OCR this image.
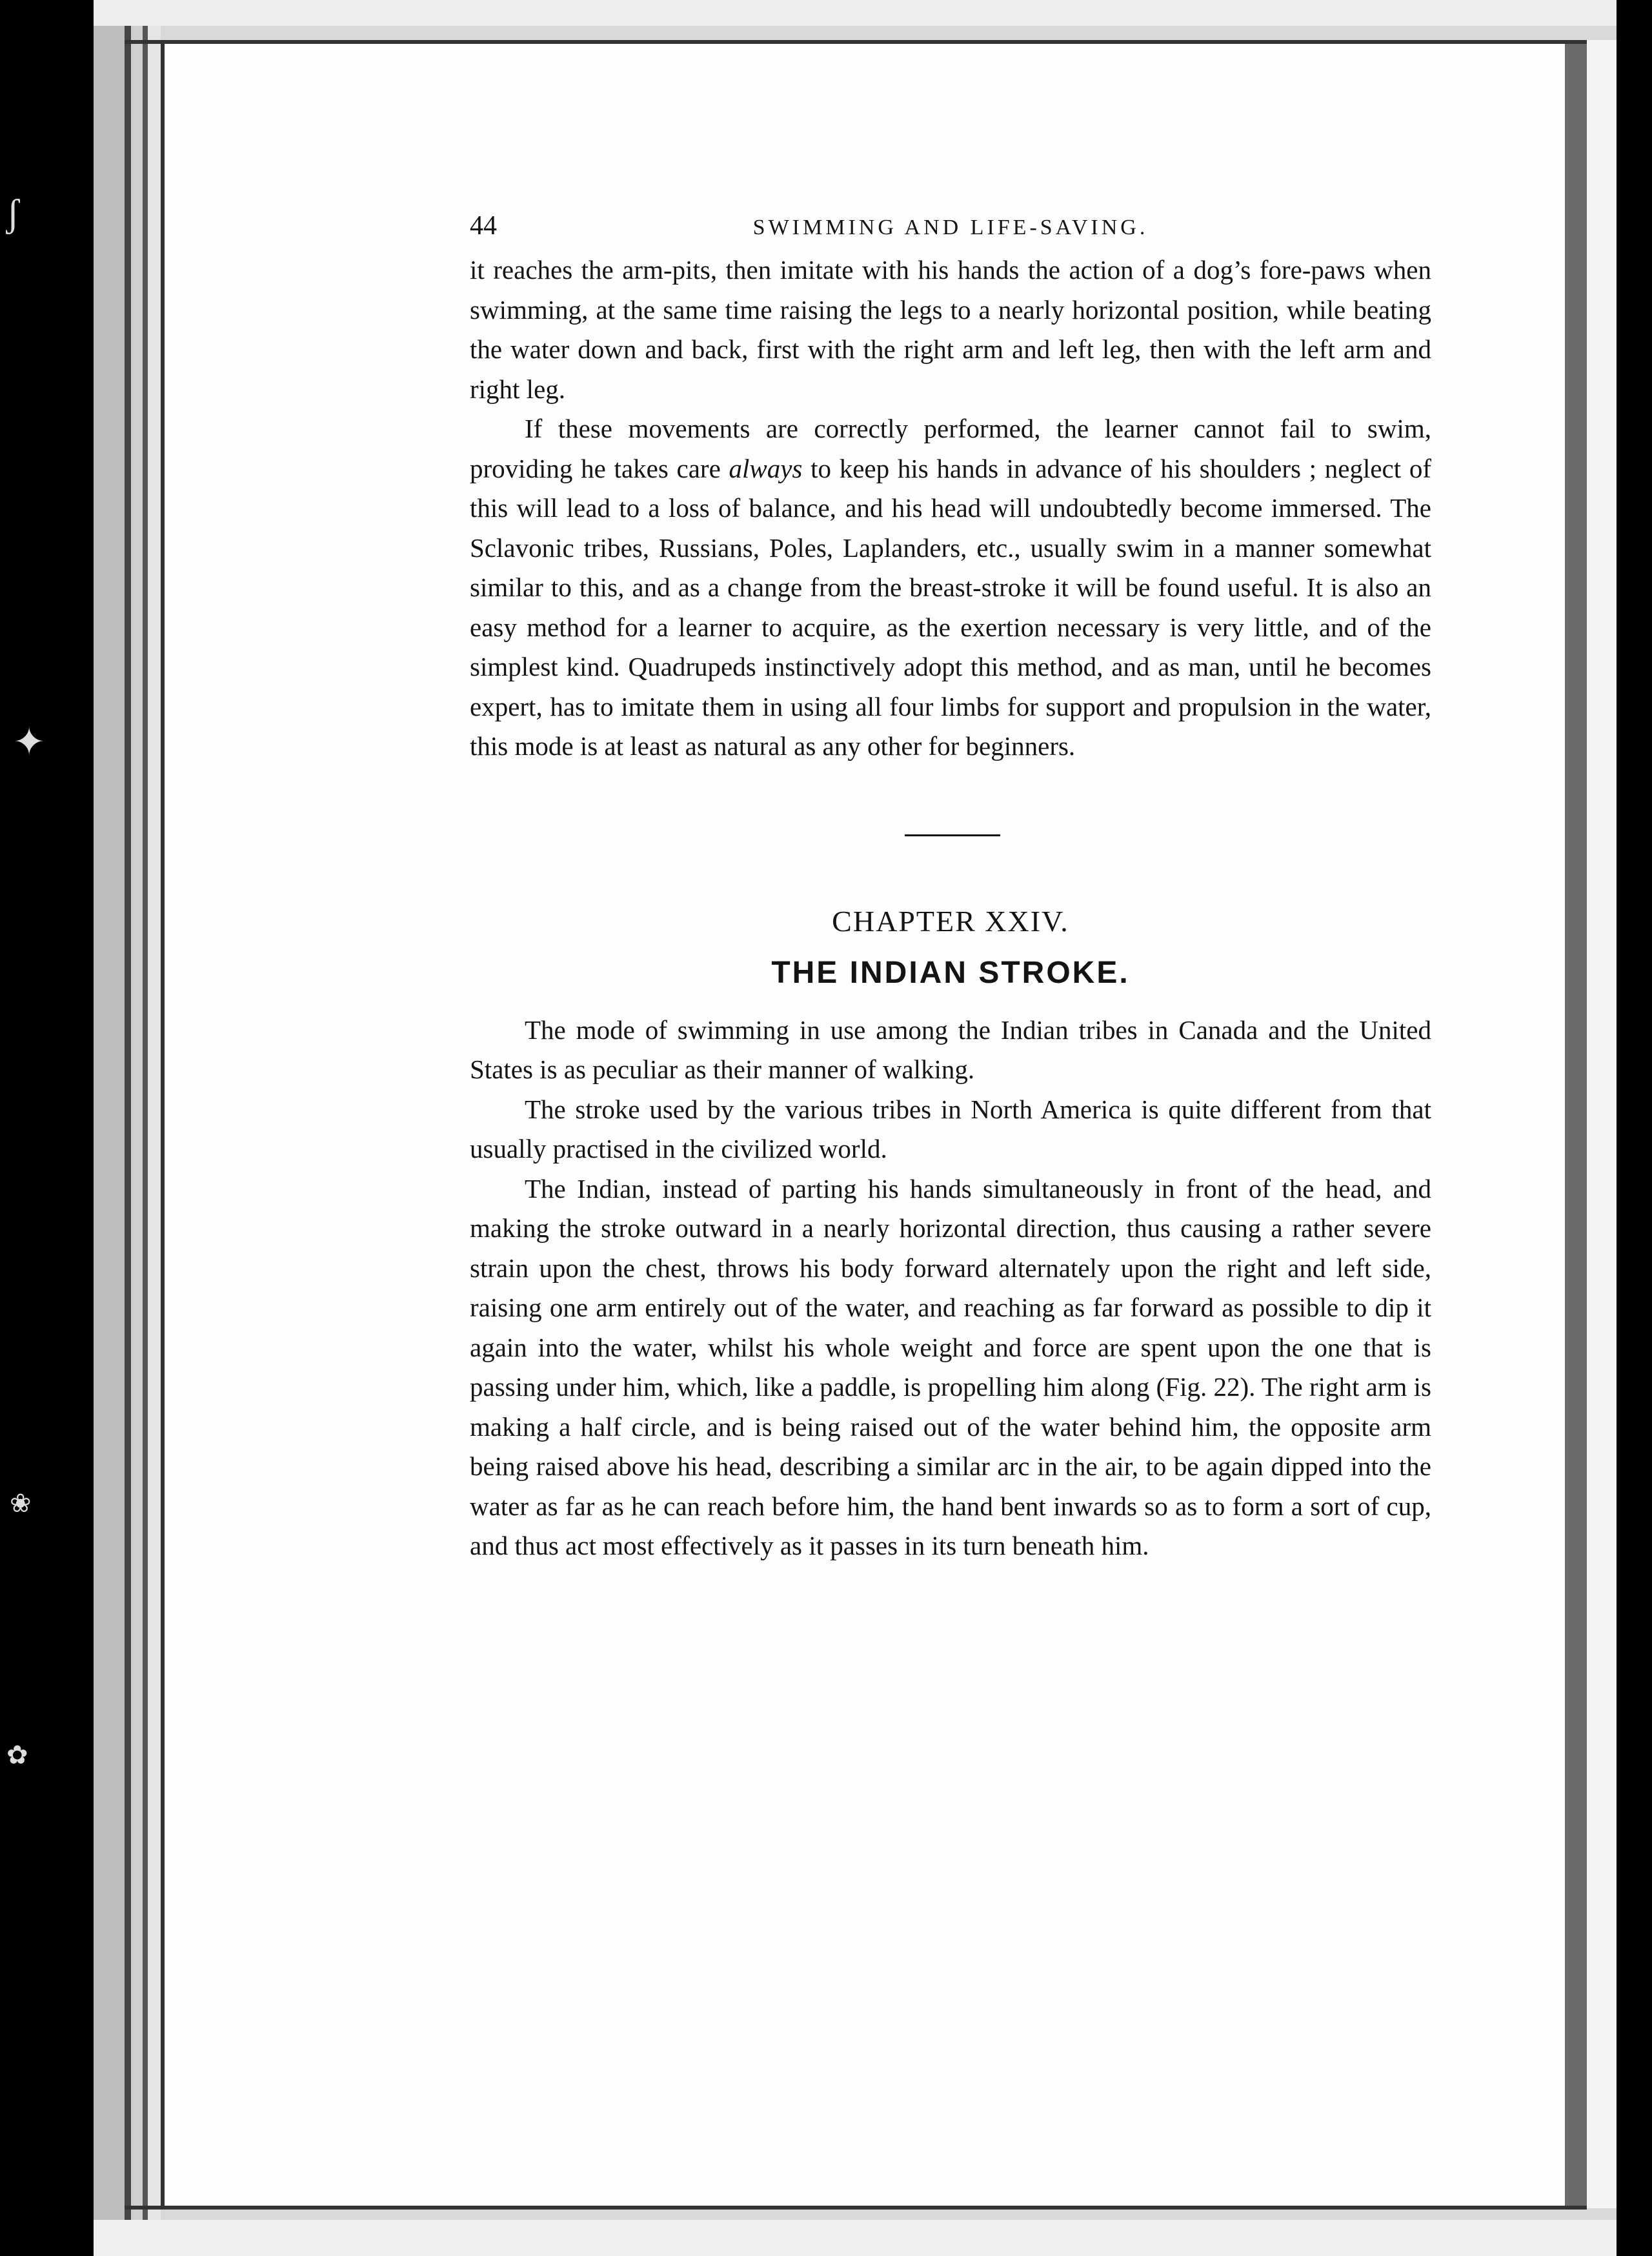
ʃ
✦
❀
✿
44	SWIMMING AND LIFE-SAVING.

it reaches the arm-pits, then imitate with his hands the action of a dog’s fore-paws when swimming, at the same time raising the legs to a nearly horizontal position, while beating the water down and back, first with the right arm and left leg, then with the left arm and right leg.

If these movements are correctly performed, the learner cannot fail to swim, providing he takes care always to keep his hands in advance of his shoulders ; neglect of this will lead to a loss of balance, and his head will undoubtedly become immersed. The Sclavonic tribes, Russians, Poles, Laplanders, etc., usually swim in a manner somewhat similar to this, and as a change from the breast-stroke it will be found useful. It is also an easy method for a learner to acquire, as the exertion necessary is very little, and of the simplest kind. Quadrupeds instinctively adopt this method, and as man, until he becomes expert, has to imitate them in using all four limbs for support and propulsion in the water, this mode is at least as natural as any other for beginners.

CHAPTER XXIV.
THE INDIAN STROKE.

The mode of swimming in use among the Indian tribes in Canada and the United States is as peculiar as their manner of walking.

The stroke used by the various tribes in North America is quite different from that usually practised in the civilized world.

The Indian, instead of parting his hands simultaneously in front of the head, and making the stroke outward in a nearly horizontal direction, thus causing a rather severe strain upon the chest, throws his body forward alternately upon the right and left side, raising one arm entirely out of the water, and reaching as far forward as possible to dip it again into the water, whilst his whole weight and force are spent upon the one that is passing under him, which, like a paddle, is propelling him along (Fig. 22). The right arm is making a half circle, and is being raised out of the water behind him, the opposite arm being raised above his head, describing a similar arc in the air, to be again dipped into the water as far as he can reach before him, the hand bent inwards so as to form a sort of cup, and thus act most effectively as it passes in its turn beneath him.
